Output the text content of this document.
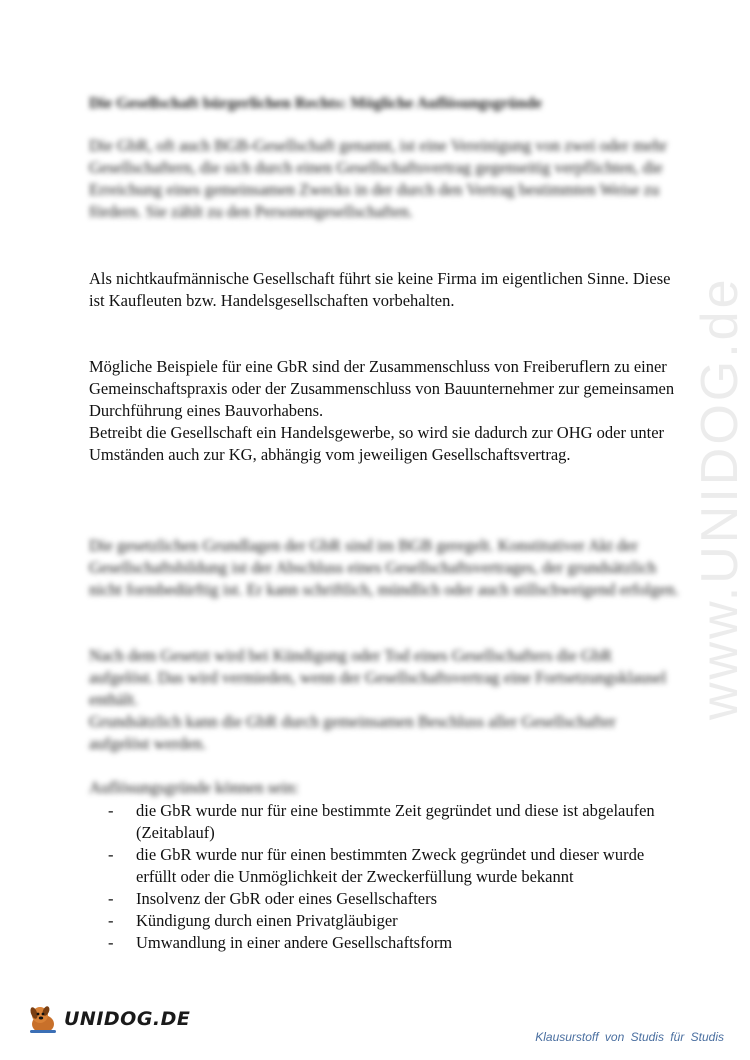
www.UNIDOG.de

Die Gesellschaft bürgerlichen Rechts: Mögliche Auflösungsgründe

Die GbR, oft auch BGB-Gesellschaft genannt, ist eine Vereinigung von zwei oder mehr Gesellschaftern, die sich durch einen Gesellschaftsvertrag gegenseitig verpflichten, die Erreichung eines gemeinsamen Zwecks in der durch den Vertrag bestimmten Weise zu fördern. Sie zählt zu den Personengesellschaften.

Als nichtkaufmännische Gesellschaft führt sie keine Firma im eigentlichen Sinne. Diese ist Kaufleuten bzw. Handelsgesellschaften vorbehalten.

Mögliche Beispiele für eine GbR sind der Zusammenschluss von Freiberuflern zu einer Gemeinschaftspraxis oder der Zusammenschluss von Bauunternehmer zur gemeinsamen Durchführung eines Bauvorhabens.
Betreibt die Gesellschaft ein Handelsgewerbe, so wird sie dadurch zur OHG oder unter Umständen auch zur KG, abhängig vom jeweiligen Gesellschaftsvertrag.

Die gesetzlichen Grundlagen der GbR sind im BGB geregelt. Konstitutiver Akt der Gesellschaftsbildung ist der Abschluss eines Gesellschaftsvertrages, der grundsätzlich nicht formbedürftig ist. Er kann schriftlich, mündlich oder auch stillschweigend erfolgen.

Nach dem Gesetzt wird bei Kündigung oder Tod eines Gesellschafters die GbR aufgelöst. Das wird vermieden, wenn der Gesellschaftsvertrag eine Fortsetzungsklausel enthält.
Grundsätzlich kann die GbR durch gemeinsamen Beschluss aller Gesellschafter aufgelöst werden.

Auflösungsgründe können sein:

- die GbR wurde nur für eine bestimmte Zeit gegründet und diese ist abgelaufen (Zeitablauf)
- die GbR wurde nur für einen bestimmten Zweck gegründet und dieser wurde erfüllt oder die Unmöglichkeit der Zweckerfüllung wurde bekannt
- Insolvenz der GbR oder eines Gesellschafters
- Kündigung durch einen Privatgläubiger
- Umwandlung in einer andere Gesellschaftsform
UNIDOG.DE
Klausurstoff von Studis für Studis
